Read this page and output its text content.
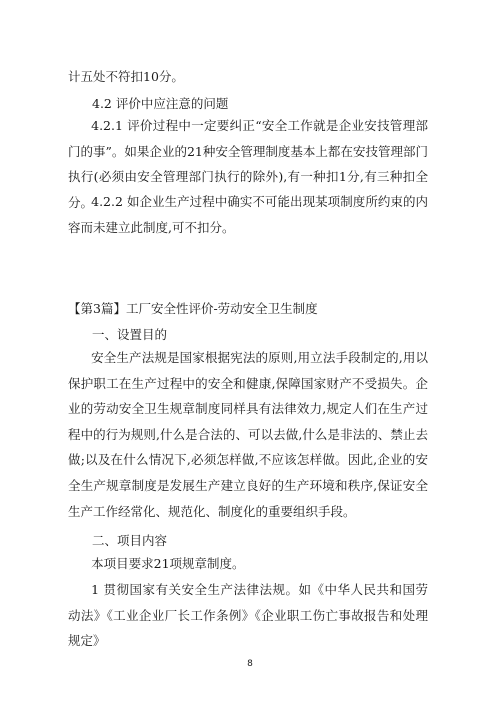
计五处不符扣10分。
4.2 评价中应注意的问题
4.2.1 评价过程中一定要纠正“安全工作就是企业安技管理部门的事”。如果企业的21种安全管理制度基本上都在安技管理部门执行(必须由安全管理部门执行的除外),有一种扣1分,有三种扣全分。
4.2.2 如企业生产过程中确实不可能出现某项制度所约束的内容而未建立此制度,可不扣分。
【第3篇】工厂安全性评价-劳动安全卫生制度
一、设置目的
安全生产法规是国家根据宪法的原则,用立法手段制定的,用以保护职工在生产过程中的安全和健康,保障国家财产不受损失。企业的劳动安全卫生规章制度同样具有法律效力,规定人们在生产过程中的行为规则,什么是合法的、可以去做,什么是非法的、禁止去做;以及在什么情况下,必须怎样做,不应该怎样做。因此,企业的安全生产规章制度是发展生产建立良好的生产环境和秩序,保证安全生产工作经常化、规范化、制度化的重要组织手段。
二、项目内容
本项目要求21项规章制度。
1 贯彻国家有关安全生产法律法规。如《中华人民共和国劳动法》《工业企业厂长工作条例》《企业职工伤亡事故报告和处理规定》
8
